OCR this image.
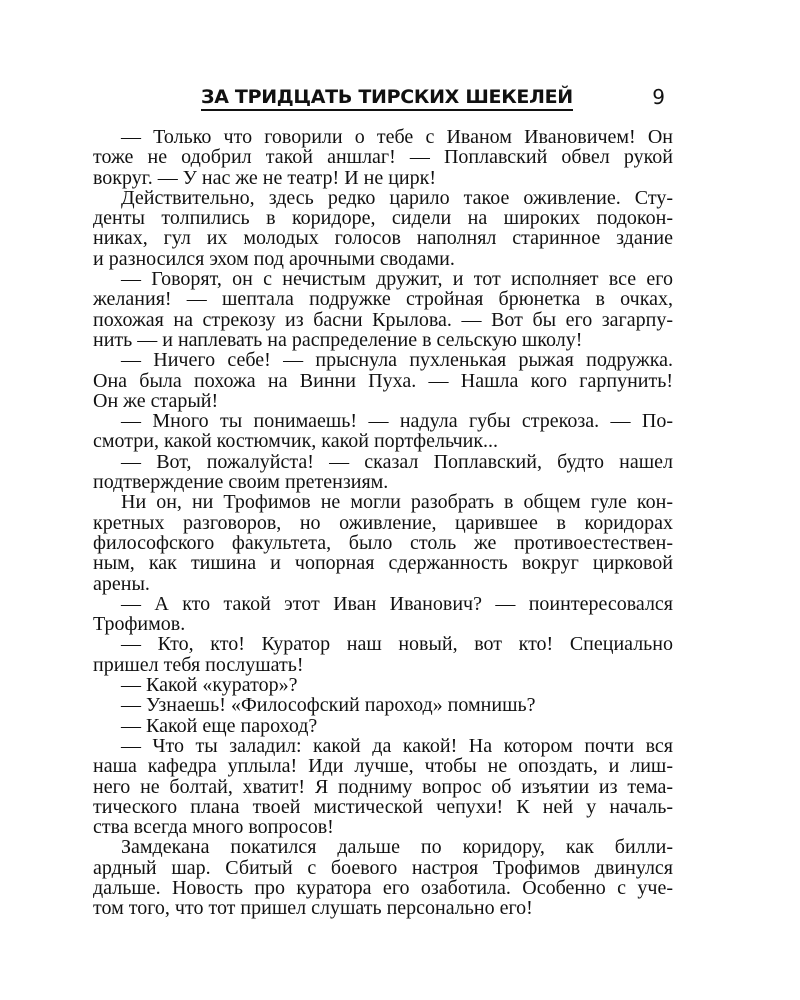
ЗА ТРИДЦАТЬ ТИРСКИХ ШЕКЕЛЕЙ	9
— Только что говорили о тебе с Иваном Ивановичем! Он
тоже не одобрил такой аншлаг! — Поплавский обвел рукой
вокруг. — У нас же не театр! И не цирк!
Действительно, здесь редко царило такое оживление. Сту-
денты толпились в коридоре, сидели на широких подокон-
никах, гул их молодых голосов наполнял старинное здание
и разносился эхом под арочными сводами.
— Говорят, он с нечистым дружит, и тот исполняет все его
желания! — шептала подружке стройная брюнетка в очках,
похожая на стрекозу из басни Крылова. — Вот бы его загарпу-
нить — и наплевать на распределение в сельскую школу!
— Ничего себе! — прыснула пухленькая рыжая подружка.
Она была похожа на Винни Пуха. — Нашла кого гарпунить!
Он же старый!
— Много ты понимаешь! — надула губы стрекоза. — По-
смотри, какой костюмчик, какой портфельчик...
— Вот, пожалуйста! — сказал Поплавский, будто нашел
подтверждение своим претензиям.
Ни он, ни Трофимов не могли разобрать в общем гуле кон-
кретных разговоров, но оживление, царившее в коридорах
философского факультета, было столь же противоестествен-
ным, как тишина и чопорная сдержанность вокруг цирковой
арены.
— А кто такой этот Иван Иванович? — поинтересовался
Трофимов.
— Кто, кто! Куратор наш новый, вот кто! Специально
пришел тебя послушать!
— Какой «куратор»?
— Узнаешь! «Философский пароход» помнишь?
— Какой еще пароход?
— Что ты заладил: какой да какой! На котором почти вся
наша кафедра уплыла! Иди лучше, чтобы не опоздать, и лиш-
него не болтай, хватит! Я подниму вопрос об изъятии из тема-
тического плана твоей мистической чепухи! К ней у началь-
ства всегда много вопросов!
Замдекана покатился дальше по коридору, как билли-
ардный шар. Сбитый с боевого настроя Трофимов двинулся
дальше. Новость про куратора его озаботила. Особенно с уче-
том того, что тот пришел слушать персонально его!
